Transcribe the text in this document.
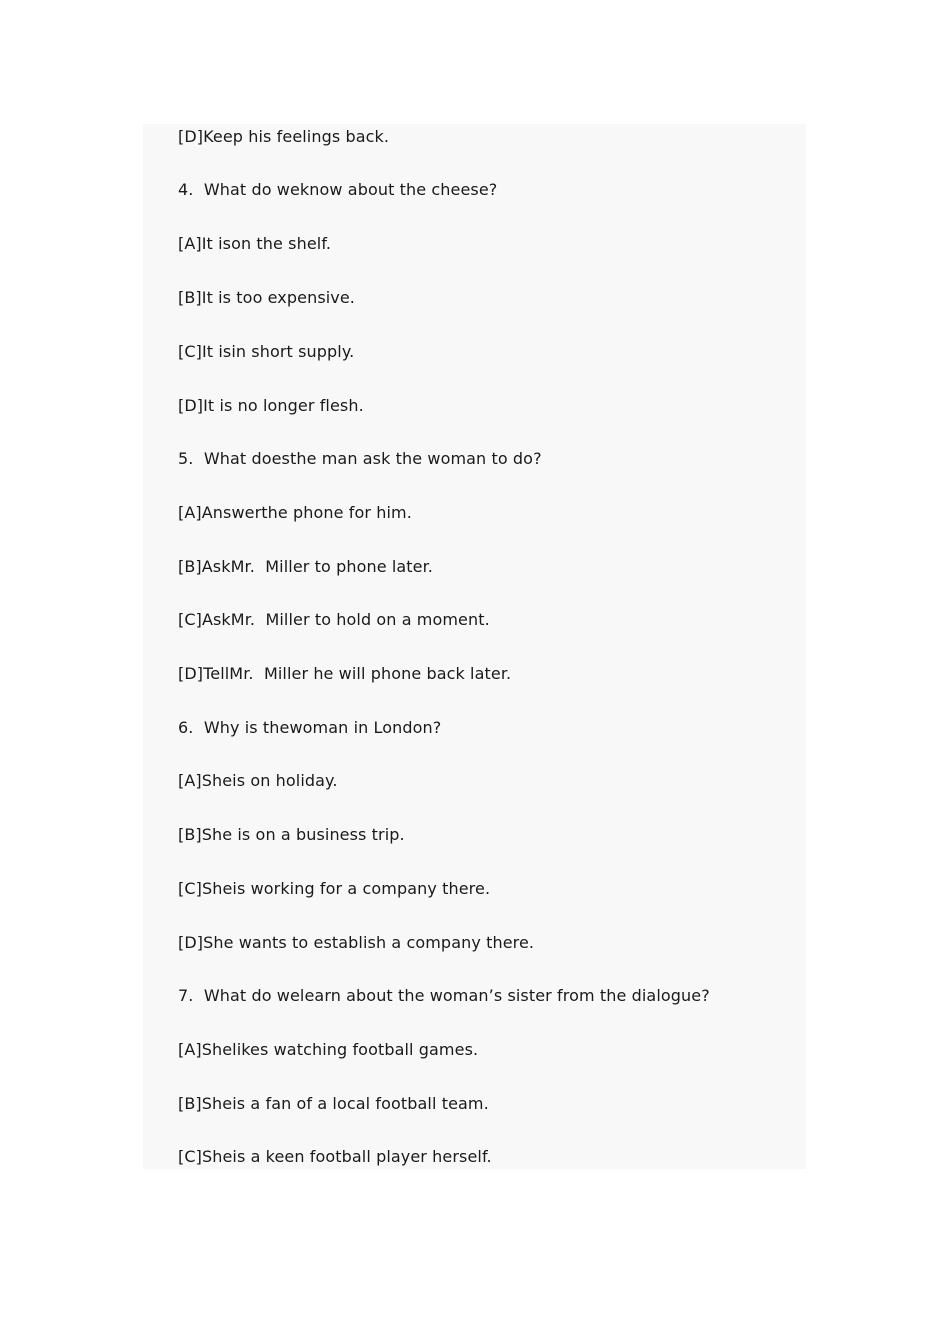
[D]Keep his feelings back.
4.  What do weknow about the cheese?
[A]It ison the shelf.
[B]It is too expensive.
[C]It isin short supply.
[D]It is no longer flesh.
5.  What doesthe man ask the woman to do?
[A]Answerthe phone for him.
[B]AskMr.  Miller to phone later.
[C]AskMr.  Miller to hold on a moment.
[D]TellMr.  Miller he will phone back later.
6.  Why is thewoman in London?
[A]Sheis on holiday.
[B]She is on a business trip.
[C]Sheis working for a company there.
[D]She wants to establish a company there.
7.  What do welearn about the woman’s sister from the dialogue?
[A]Shelikes watching football games.
[B]Sheis a fan of a local football team.
[C]Sheis a keen football player herself.
